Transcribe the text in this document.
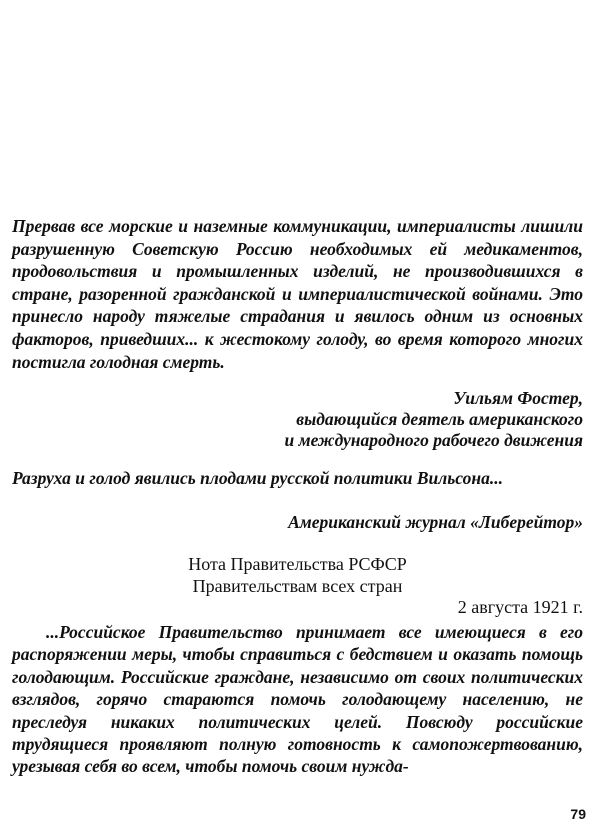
Прервав все морские и наземные коммуникации, империалисты лишили разрушенную Советскую Россию необходимых ей медикаментов, продовольствия и промышленных изделий, не производившихся в стране, разоренной гражданской и империалистической войнами. Это принесло народу тяжелые страдания и явилось одним из основных факторов, приведших... к жестокому голоду, во время которого многих постигла голодная смерть.

Уильям Фостер,

выдающийся деятель американского

и международного рабочего движения

Разруха и голод явились плодами русской политики Вильсона...

Американский журнал «Либерейтор»

Нота Правительства РСФСР
Правительствам всех стран
2 августа 1921 г.

...Российское Правительство принимает все имеющиеся в его распоряжении меры, чтобы справиться с бедствием и оказать помощь голодающим. Российские граждане, независимо от своих политических взглядов, горячо стараются помочь голодающему населению, не преследуя никаких политических целей. Повсюду российские трудящиеся проявляют полную готовность к самопожертвованию, урезывая себя во всем, чтобы помочь своим нужда-

79
